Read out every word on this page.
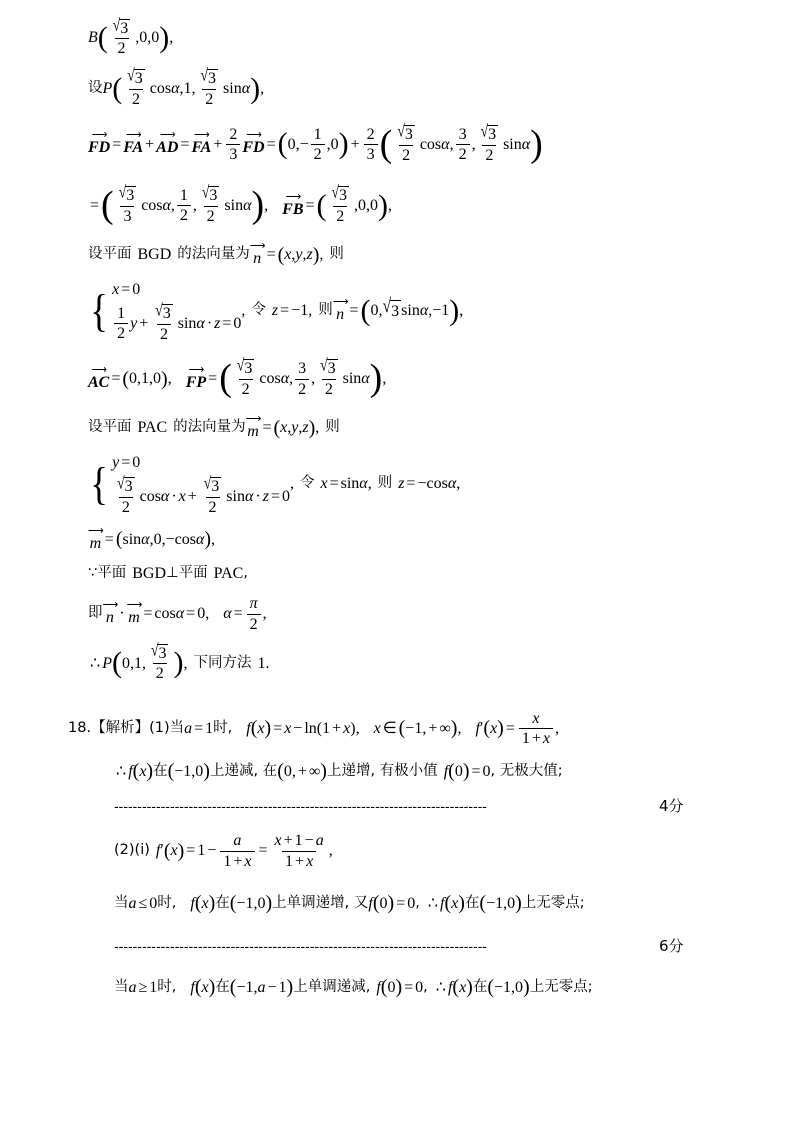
B ( $\frac{√ 3}{2} ,0,0$ ) ,
设 P ( $\frac{√ 3}{2}$ cos α ,1, $\frac{√ 3}{2}$ sin α ) ,
⟶
FD =
⟶
FA +
⟶
AD =
⟶
FA + $\frac{2}{3}$ ⟶
FD = ( $0,- \frac{1}{2} ,0$ ) + $\frac{2}{3}$ ( $\frac{√ 3}{2}$ cos α , $\frac{3}{2}$ , $\frac{√ 3}{2}$ sin α )
= ( $\frac{√ 3}{3}$ cos α , $\frac{1}{2}$ , $\frac{√ 3}{2}$ sin α ) ,
⟶
FB = ( $\frac{√ 3}{2} ,0,0$ ) ,
设平面 BGD 的法向量为
⟶
n = ( x , y , z ) , 则
{ x = 0
$\frac{1}{2}$ $y + \frac{√ 3}{2}$ sin α · z = 0
, 令 z = −1 , 则
⟶
n = ( 0, √ 3 sin α ,−1 ) ,
⟶
AC = ( 0,1,0 ) ,
⟶
FP = ( $\frac{√ 3}{2}$ cos α , $\frac{3}{2}$ , $\frac{√ 3}{2}$ sin α ) ,
设平面 PAC 的法向量为
⟶
m = ( x , y , z ) , 则
{ y = 0
$\frac{√ 3}{2}$ $\cos \alpha \cdot x + \frac{√ 3}{2}$ sin α · z = 0
, 令 x = sin α , 则 z = − cos α ,
⟶
m = ( sin α ,0,− cos α ) ,
∵平面 BGD ⊥平面 PAC ,
即
⟶
n ·
⟶
m = cos α = 0 , $\alpha = \frac{\pi}{2}$ ,
∴ P ( 0,1, $\frac{√ 3}{2}$ ) , 下同方法 1.
18. 【 解析 】 (1) 当 a = 1 时, f ( x ) = x − ln(1 + x ) , x ∈ ( −1, + ∞ ) , f ′ ( x ) = $\frac{x}{1 + x}$ ,
∴ f ( x ) 在 ( −1,0 ) 上递减, 在 ( 0, + ∞ ) 上递增, 有极小值 f ( 0 ) = 0 , 无极大值;
--------------------------------------------------------------------------------	4分
(2)(i) f ′ ( x ) = $1 - \frac{a}{1 + x} = \frac{x + 1 - a}{1 + x}$ ,
当 a ≤ 0 时, f ( x ) 在 ( −1,0 ) 上单调递增, 又 f ( 0 ) = 0 , ∴ f ( x ) 在 ( −1,0 ) 上无零点;
--------------------------------------------------------------------------------	6分
当 a ≥ 1 时, f ( x ) 在 ( −1, a − 1 ) 上单调递减, f ( 0 ) = 0 , ∴ f ( x ) 在 ( −1,0 ) 上无零点;
